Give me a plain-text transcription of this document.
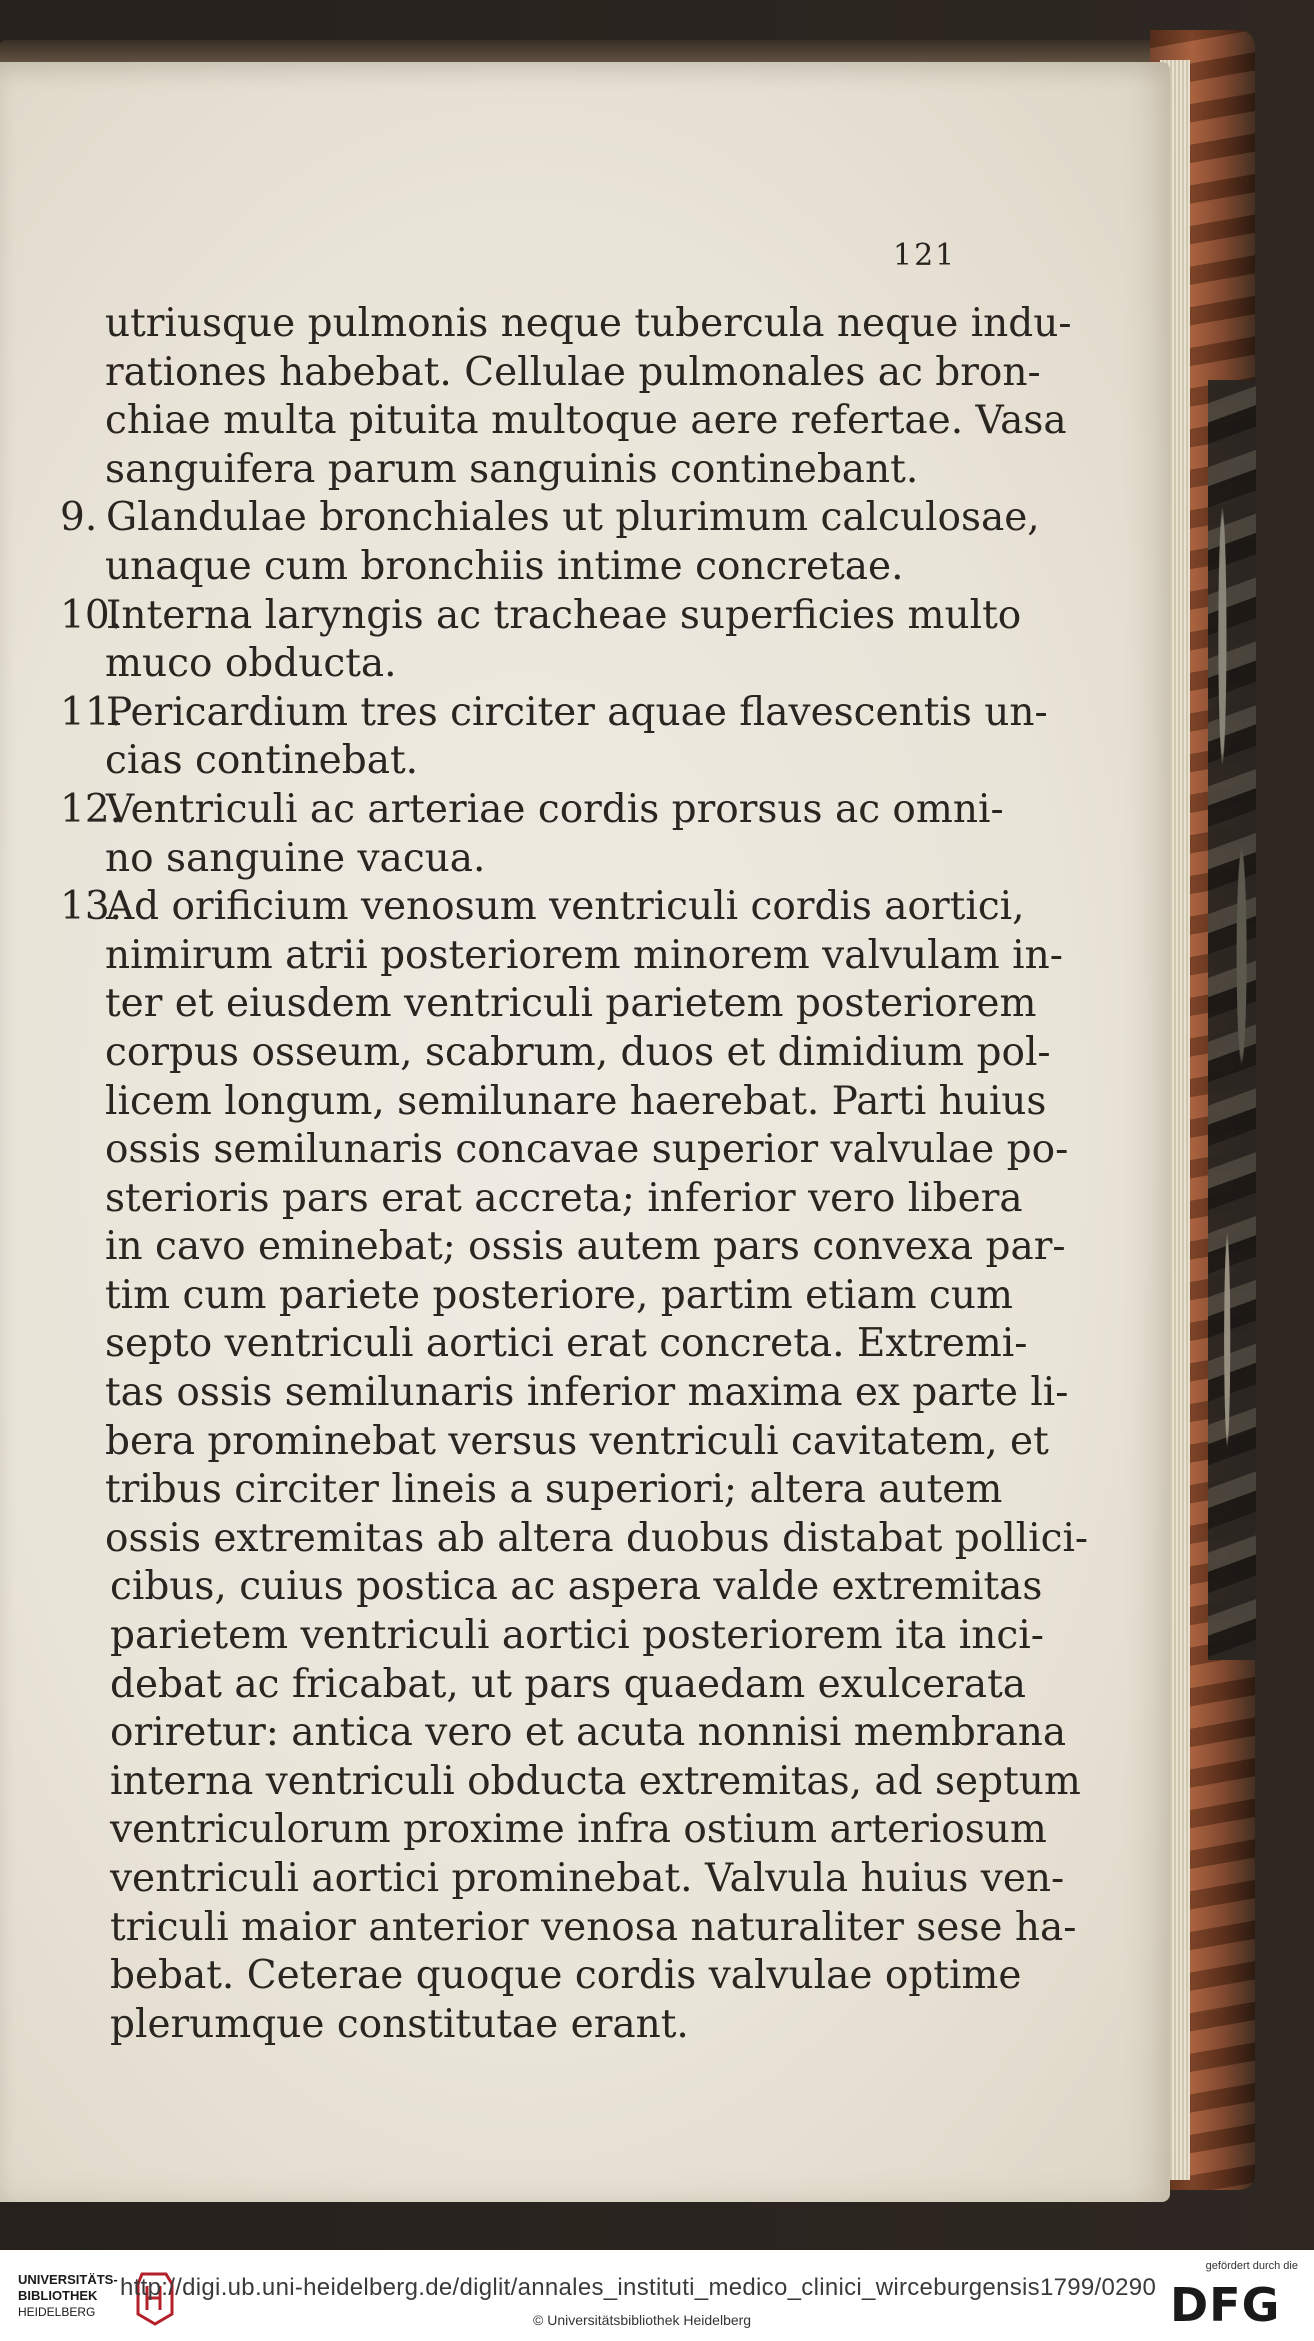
121
utriusque pulmonis neque tubercula neque indu-
rationes habebat. Cellulae pulmonales ac bron-
chiae multa pituita multoque aere refertae. Vasa
sanguifera parum sanguinis continebant.
9. Glandulae bronchiales ut plurimum calculosae,
unaque cum bronchiis intime concretae.
10.Interna laryngis ac tracheae superficies multo
muco obducta.
11.Pericardium tres circiter aquae flavescentis un-
cias continebat.
12.Ventriculi ac arteriae cordis prorsus ac omni-
no sanguine vacua.
13.Ad orificium venosum ventriculi cordis aortici,
nimirum atrii posteriorem minorem valvulam in-
ter et eiusdem ventriculi parietem posteriorem
corpus osseum, scabrum, duos et dimidium pol-
licem longum, semilunare haerebat. Parti huius
ossis semilunaris concavae superior valvulae po-
sterioris pars erat accreta; inferior vero libera
in cavo eminebat; ossis autem pars convexa par-
tim cum pariete posteriore, partim etiam cum
septo ventriculi aortici erat concreta. Extremi-
tas ossis semilunaris inferior maxima ex parte li-
bera prominebat versus ventriculi cavitatem, et
tribus circiter lineis a superiori; altera autem
ossis extremitas ab altera duobus distabat pollici-
cibus, cuius postica ac aspera valde extremitas
parietem ventriculi aortici posteriorem ita inci-
debat ac fricabat, ut pars quaedam exulcerata
oriretur: antica vero et acuta nonnisi membrana
interna ventriculi obducta extremitas, ad septum
ventriculorum proxime infra ostium arteriosum
ventriculi aortici prominebat. Valvula huius ven-
triculi maior anterior venosa naturaliter sese ha-
bebat. Ceterae quoque cordis valvulae optime
plerumque constitutae erant.
UNIVERSITÄTS-
BIBLIOTHEK
HEIDELBERG
http://digi.ub.uni-heidelberg.de/diglit/annales_instituti_medico_clinici_wirceburgensis1799/0290
© Universitätsbibliothek Heidelberg
gefördert durch die
DFG
